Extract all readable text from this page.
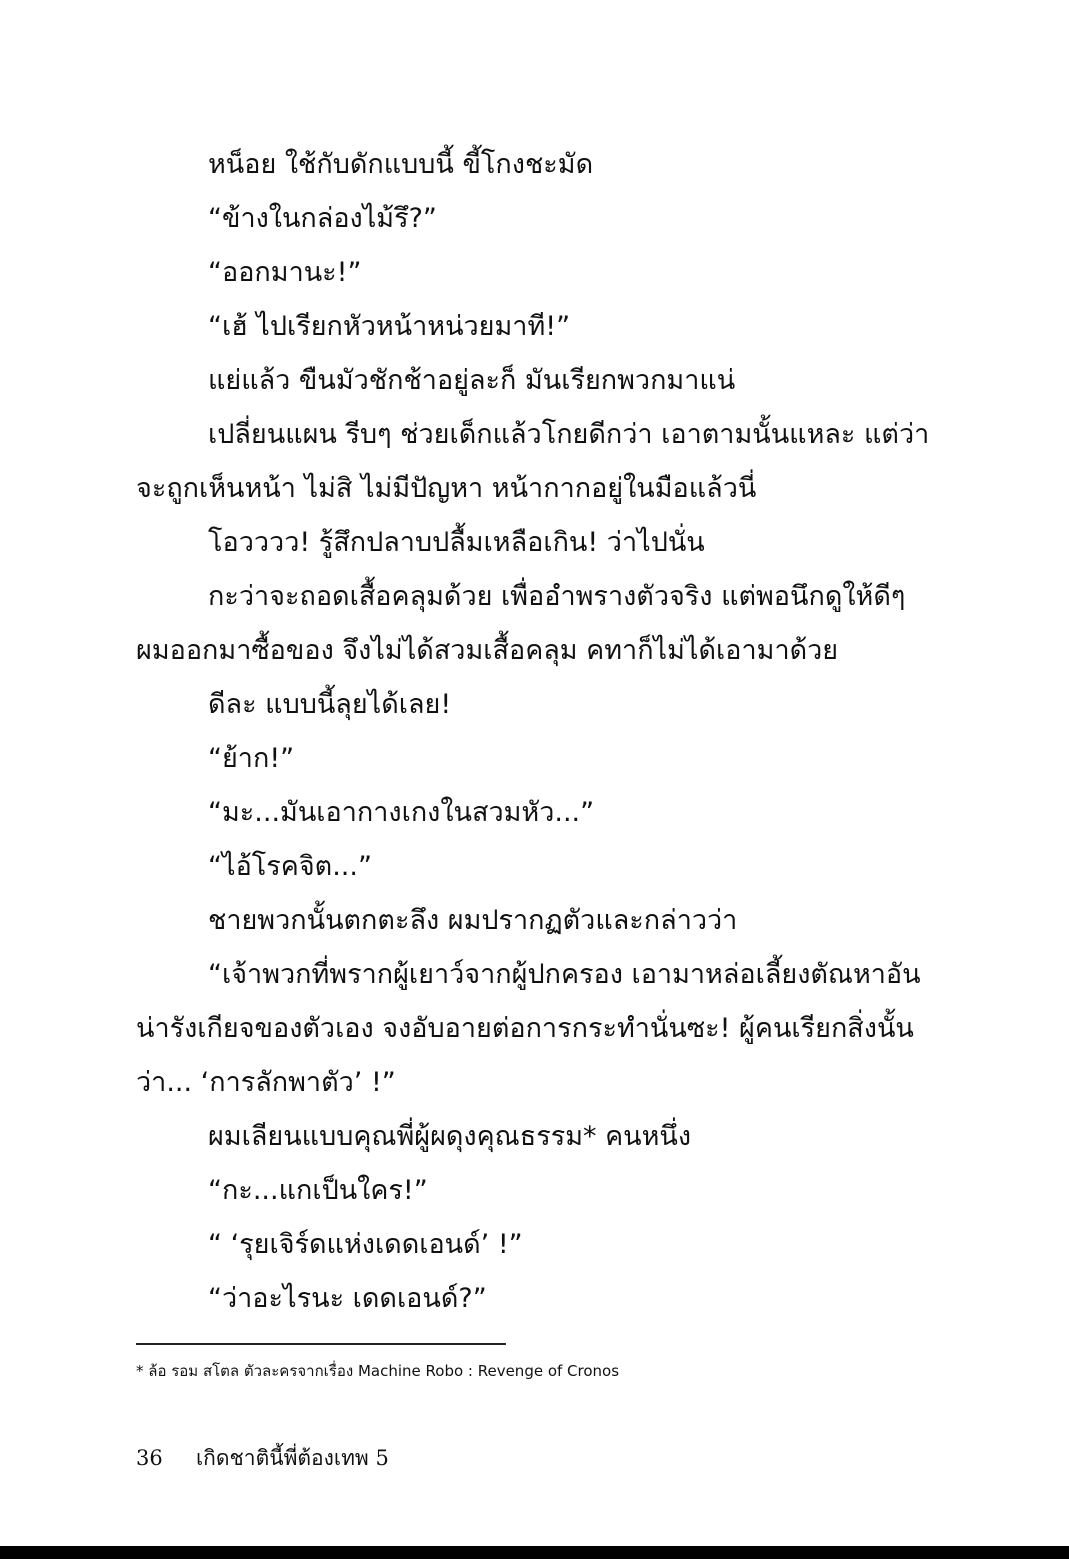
หน็อย ใช้กับดักแบบนี้ ขี้โกงชะมัด
“ข้างในกล่องไม้รึ?”
“ออกมานะ!”
“เฮ้ ไปเรียกหัวหน้าหน่วยมาที!”
แย่แล้ว ขืนมัวชักช้าอยู่ละก็ มันเรียกพวกมาแน่
เปลี่ยนแผน รีบๆ ช่วยเด็กแล้วโกยดีกว่า เอาตามนั้นแหละ แต่ว่า
จะถูกเห็นหน้า ไม่สิ ไม่มีปัญหา หน้ากากอยู่ในมือแล้วนี่
โอวววว! รู้สึกปลาบปลื้มเหลือเกิน! ว่าไปนั่น
กะว่าจะถอดเสื้อคลุมด้วย เพื่ออำพรางตัวจริง แต่พอนึกดูให้ดีๆ
ผมออกมาซื้อของ จึงไม่ได้สวมเสื้อคลุม คทาก็ไม่ได้เอามาด้วย
ดีละ แบบนี้ลุยได้เลย!
“ย้าก!”
“มะ...มันเอากางเกงในสวมหัว...”
“ไอ้โรคจิต...”
ชายพวกนั้นตกตะลึง ผมปรากฏตัวและกล่าวว่า
“เจ้าพวกที่พรากผู้เยาว์จากผู้ปกครอง เอามาหล่อเลี้ยงตัณหาอัน
น่ารังเกียจของตัวเอง จงอับอายต่อการกระทำนั่นซะ! ผู้คนเรียกสิ่งนั้น
ว่า... ‘การลักพาตัว’ !”
ผมเลียนแบบคุณพี่ผู้ผดุงคุณธรรม* คนหนึ่ง
“กะ...แกเป็นใคร!”
“ ‘รุยเจิร์ดแห่งเดดเอนด์’ !”
“ว่าอะไรนะ เดดเอนด์?”
* ล้อ รอม สโตล ตัวละครจากเรื่อง Machine Robo : Revenge of Cronos
36 เกิดชาตินี้พี่ต้องเทพ 5
